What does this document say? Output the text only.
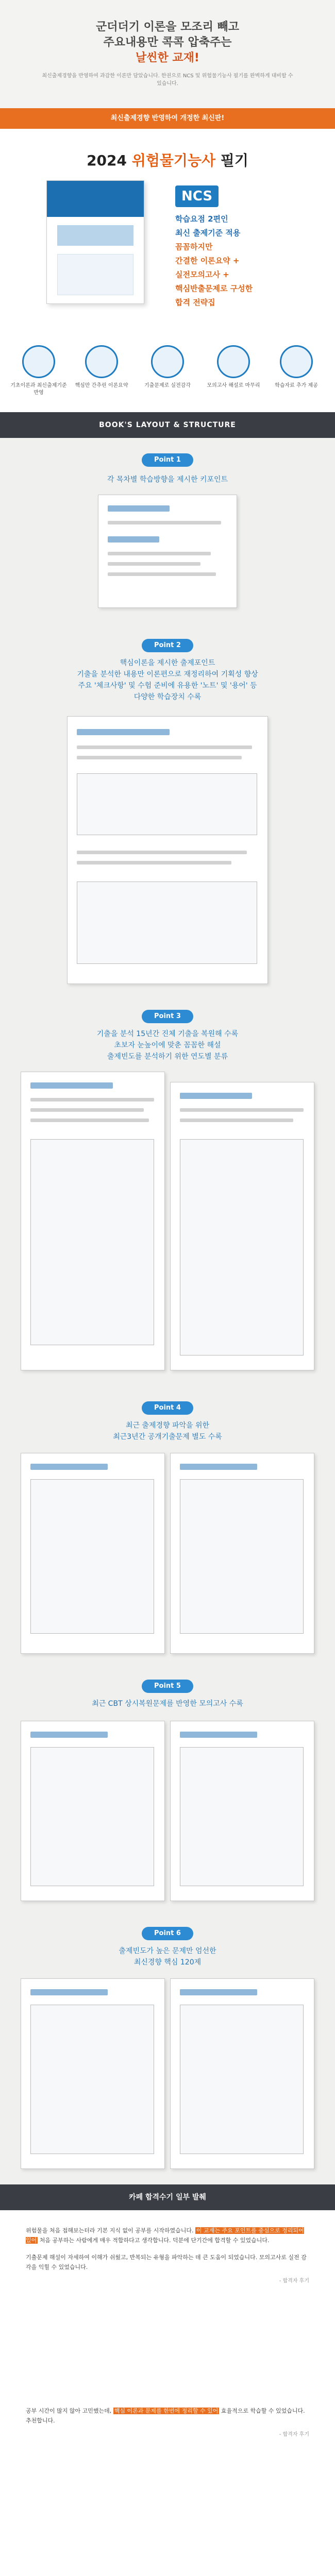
군더더기 이론을 모조리 빼고
주요내용만 콕콕 압축주는
날씬한 교재!
최신출제경향을 반영하여 과감한 이론만 담았습니다. 한권으로 NCS 및 위험물기능사 필기를 완벽하게 대비할 수 있습니다.
최신출제경향 반영하여 개정한 최신판!
2024 위험물기능사 필기
NCS
학습요점 2편인
최신 출제기준 적용
꼼꼼하지만
간결한 이론요약 +
실전모의고사 +
핵심반출문제로 구성한
합격 전략집
기초이론과 최신출제기준 반영
핵심만 간추린 이론요약	기출문제로 실전감각	모의고사 해설로 마무리	학습자료 추가 제공
BOOK'S LAYOUT & STRUCTURE
Point 1
각 목차별 학습방향을 제시한 키포인트
Point 2
핵심이론을 제시한 출제포인트
기출을 분석한 내용만 이론편으로 재정리하여 기획성 향상
주요 '체크사항' 및 수험 준비에 유용한 '노트' 및 '용어' 등
다양한 학습장치 수록
Point 3
기출을 분석 15년간 진체 기출을 복원해 수록
초보자 눈높이에 맞춘 꼼꼼한 해설
출제빈도를 분석하기 위한 연도별 분류
Point 4
최근 출제경향 파악을 위한
최근3년간 공개기출문제 별도 수록
Point 5
최근 CBT 상시복원문제를 반영한 모의고사 수록
Point 6
출제빈도가 높은 문제만 엄선한
최신경향 핵심 120제
카페 합격수기 일부 발췌

위험물을 처음 접해보는터라 기본 지식 없이 공부를 시작하였습니다. 이 교재는 주요 포인트를 중심으로 정리되어 있어 처음 공부하는 사람에게 매우 적합하다고 생각합니다. 덕분에 단기간에 합격할 수 있었습니다.

기출문제 해설이 자세하여 이해가 쉬웠고, 반복되는 유형을 파악하는 데 큰 도움이 되었습니다. 모의고사로 실전 감각을 익힐 수 있었습니다.

- 합격자 후기

공부 시간이 많지 않아 고민했는데, 핵심 이론과 문제를 한번에 정리할 수 있어 효율적으로 학습할 수 있었습니다. 추천합니다.

- 합격자 후기
